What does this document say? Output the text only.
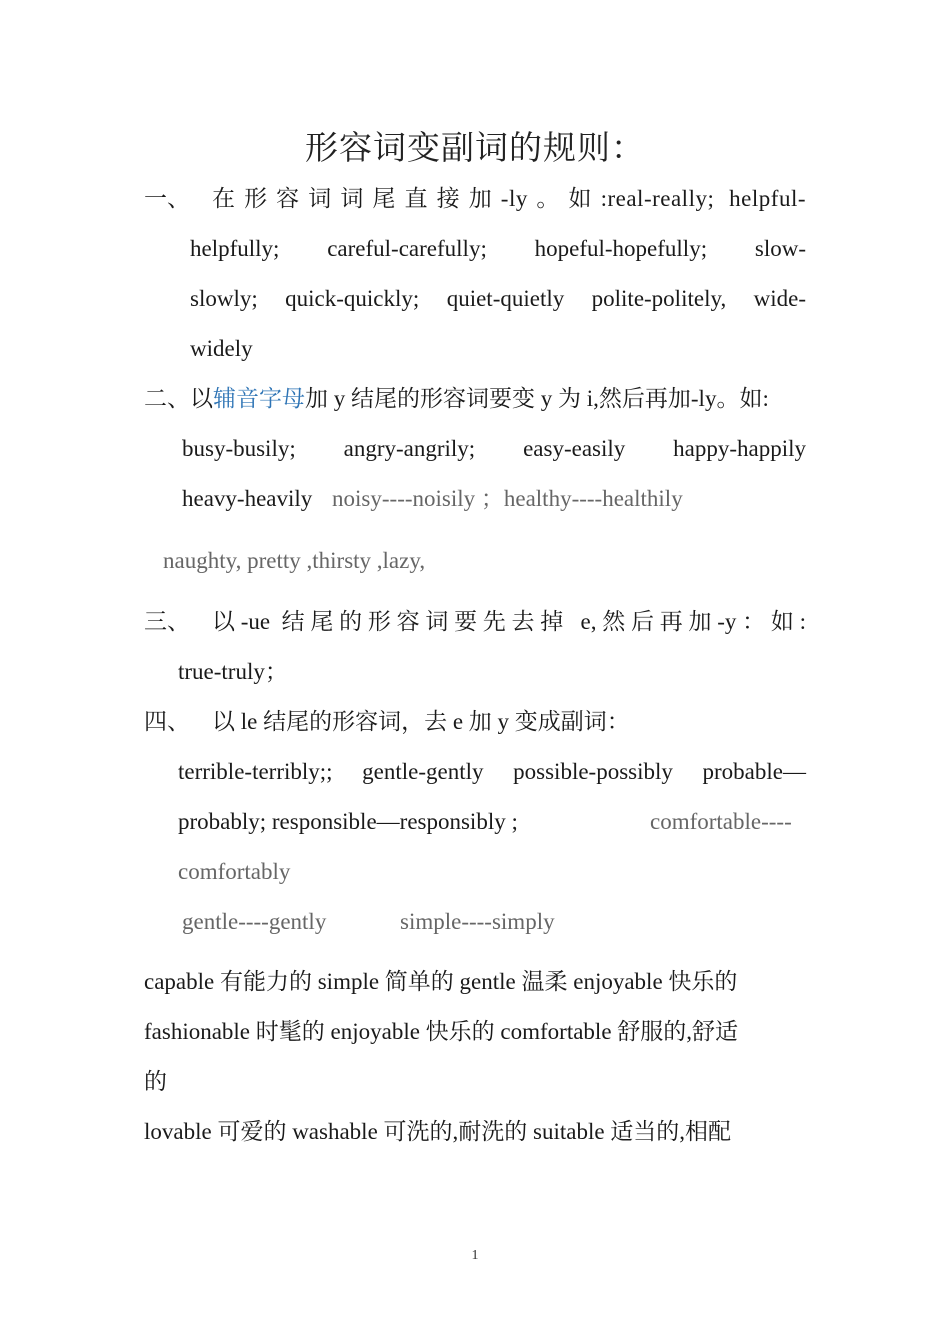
形容词变副词的规则：
一、 在形容词词尾直接加-ly。如:real-really; helpful-
helpfully; careful-carefully; hopeful-hopefully; slow-
slowly; quick-quickly; quiet-quietly polite-politely, wide-
widely
二、以辅音字母加 y 结尾的形容词要变 y 为 i,然后再加-ly。如:
busy-busily; angry-angrily; easy-easily happy-happily
heavy-heavily noisy----noisily ；healthy----healthily
naughty, pretty ,thirsty ,lazy,
三、 以-ue 结尾的形容词要先去掉 e,然后再加-y：如:
true-truly；
四、 以 le 结尾的形容词，去 e 加 y 变成副词：
terrible-terribly;; gentle-gently possible-possibly probable—
probably; responsible—responsibly ;	comfortable----
comfortably
gentle----gently	simple----simply
capable 有能力的 simple 简单的 gentle 温柔 enjoyable 快乐的
fashionable 时髦的 enjoyable 快乐的 comfortable 舒服的,舒适
的
lovable 可爱的 washable 可洗的,耐洗的 suitable 适当的,相配
1
